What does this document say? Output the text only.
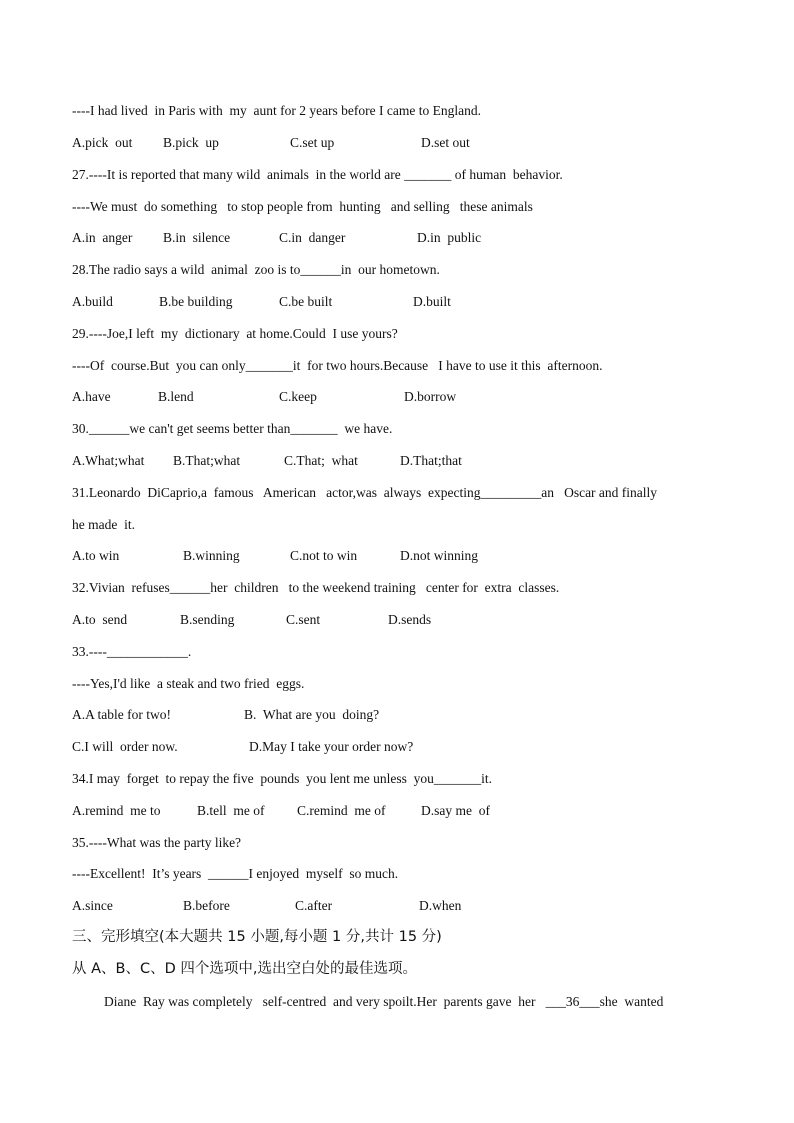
----I had lived  in Paris with  my  aunt for 2 years before I came to England.
A.pick  out B.pick  up	C.set up	D.set out
27.----It is reported that many wild  animals  in the world are _______ of human  behavior.
----We must  do something   to stop people from  hunting   and selling   these animals
A.in  anger B.in  silence	C.in  danger	D.in  public
28.The radio says a wild  animal  zoo is to______in  our hometown.
A.build	B.be building	C.be built	D.built
29.----Joe,I left  my  dictionary  at home.Could  I use yours?
----Of  course.But  you can only_______it  for two hours.Because   I have to use it this  afternoon.
A.have	B.lend	C.keep	D.borrow
30.______we can't get seems better than_______  we have.
A.What;what B.That;what	C.That;  what	D.That;that
31.Leonardo  DiCaprio,a  famous   American   actor,was  always  expecting_________an   Oscar and finally
he made  it.
A.to win	B.winning	C.not to win	D.not winning
32.Vivian  refuses______her  children   to the weekend training   center for  extra  classes.
A.to  send	B.sending	C.sent	D.sends
33.----____________.
----Yes,I'd like  a steak and two fried  eggs.
A.A table for two!	B.  What are you  doing?
C.I will  order now.	D.May I take your order now?
34.I may  forget  to repay the five  pounds  you lent me unless  you_______it.
A.remind  me to	B.tell  me of C.remind  me of	D.say me  of
35.----What was the party like?
----Excellent!  It’s years  ______I enjoyed  myself  so much.
A.since	B.before	C.after	D.when
三、完形填空(本大题共 15 小题,每小题 1 分,共计 15 分)
从 A、B、C、D 四个选项中,选出空白处的最佳选项。
Diane  Ray was completely   self-centred  and very spoilt.Her  parents gave  her   ___36___she  wanted
